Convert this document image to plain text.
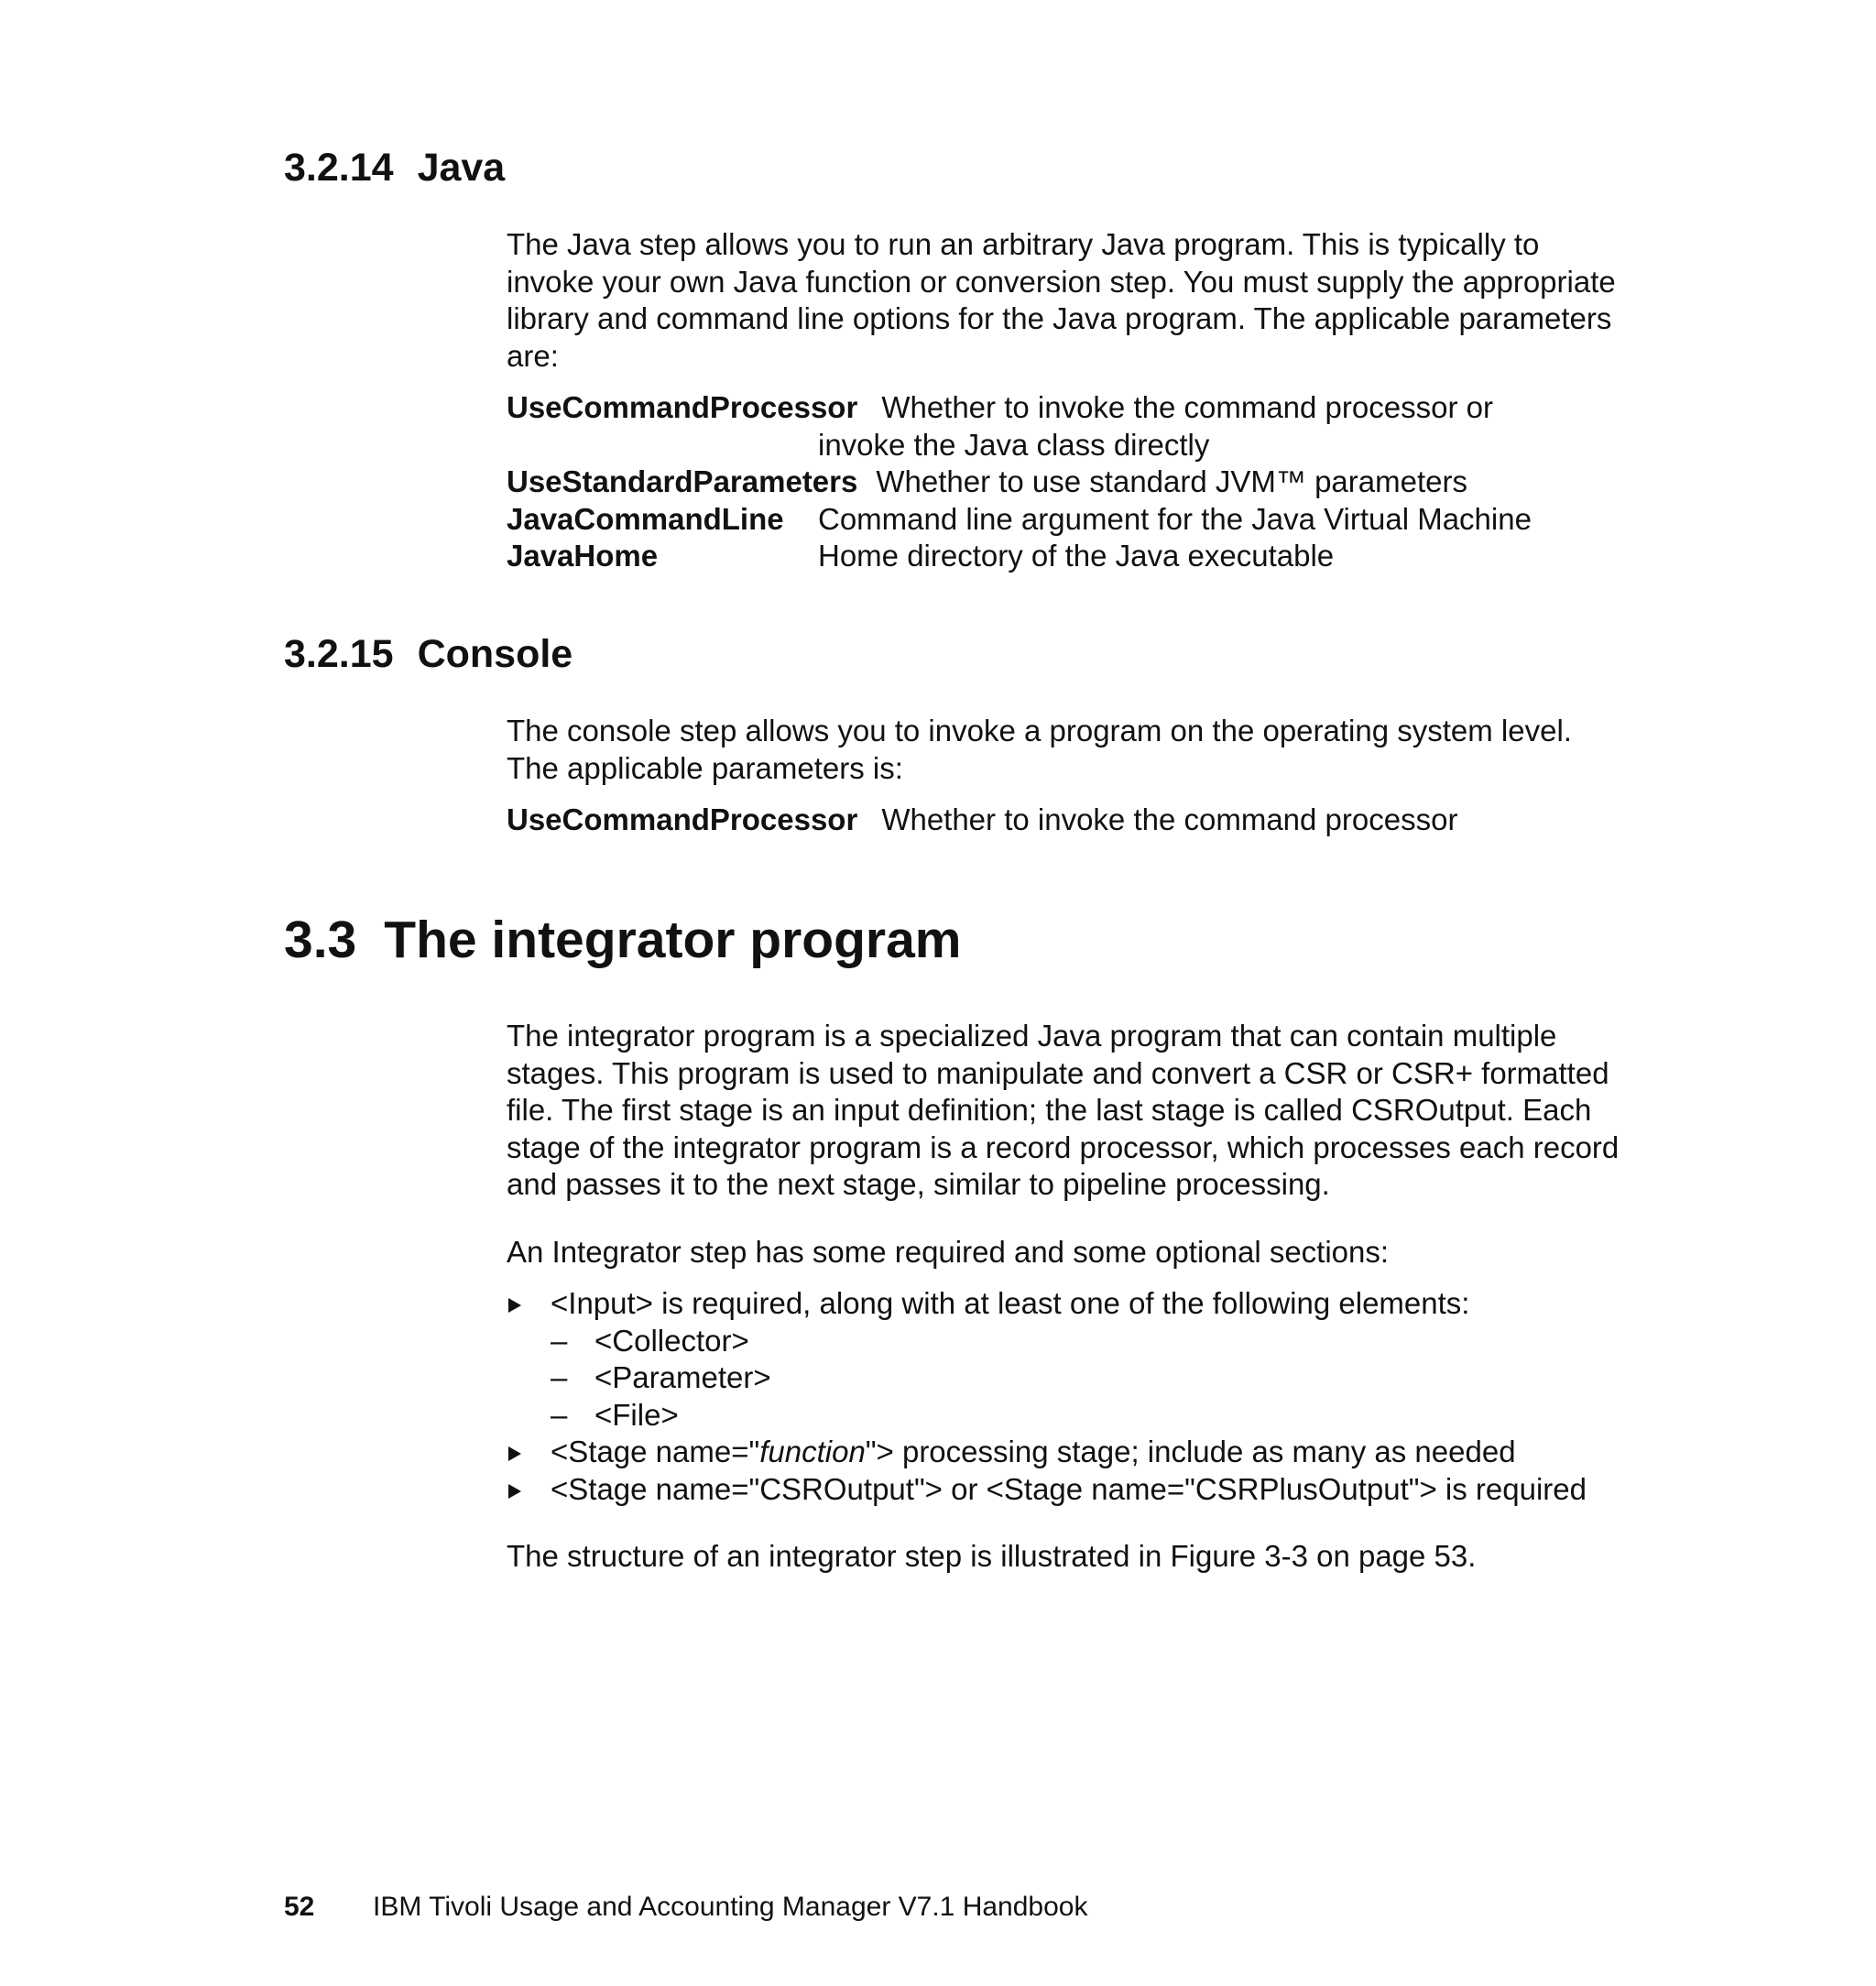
3.2.14 Java

The Java step allows you to run an arbitrary Java program. This is typically to invoke your own Java function or conversion step. You must supply the appropriate library and command line options for the Java program. The applicable parameters are:

UseCommandProcessor Whether to invoke the command processor or
invoke the Java class directly
UseStandardParameters Whether to use standard JVM™ parameters
JavaCommandLine Command line argument for the Java Virtual Machine
JavaHome	Home directory of the Java executable
3.2.15 Console

The console step allows you to invoke a program on the operating system level. The applicable parameters is:

UseCommandProcessor Whether to invoke the command processor
3.3 The integrator program

The integrator program is a specialized Java program that can contain multiple stages. This program is used to manipulate and convert a CSR or CSR+ formatted file. The first stage is an input definition; the last stage is called CSROutput. Each stage of the integrator program is a record processor, which processes each record and passes it to the next stage, similar to pipeline processing.

An Integrator step has some required and some optional sections:

<Input> is required, along with at least one of the following elements:
– <Collector>
– <Parameter>
– <File>
<Stage name="function"> processing stage; include as many as needed
<Stage name="CSROutput"> or <Stage name="CSRPlusOutput"> is required

The structure of an integrator step is illustrated in Figure 3-3 on page 53.

52 IBM Tivoli Usage and Accounting Manager V7.1 Handbook
